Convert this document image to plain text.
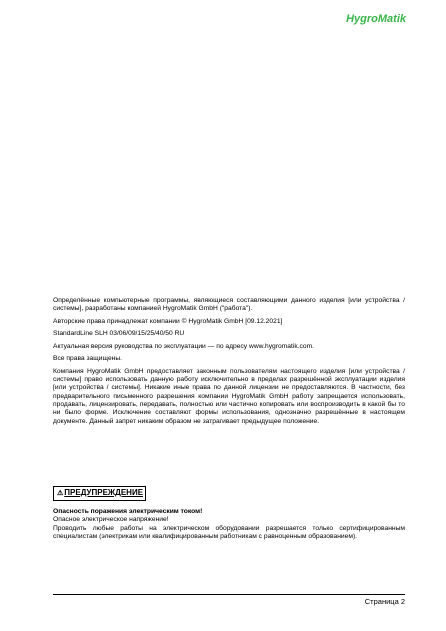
HygroMatik

Определённые компьютерные программы, являющиеся составляющими данного изделия [или устройства / системы], разработаны компанией HygroMatik GmbH ("работа").

Авторские права принадлежат компании © HygroMatik GmbH [09.12.2021]

StandardLine SLH 03/06/09/15/25/40/50 RU

Актуальная версия руководства по эксплуатации — по адресу www.hygromatik.com.

Все права защищены.

Компания HygroMatik GmbH предоставляет законным пользователям настоящего изделия [или устройства / системы] право использовать данную работу исключительно в пределах разрешённой эксплуатации изделия [или устройства / системы]. Никакие иные права по данной лицензии не предоставляются. В частности, без предварительного письменного разрешения компании HygroMatik GmbH работу запрещается использовать, продавать, лицензировать, передавать, полностью или частично копировать или воспроизводить в какой бы то ни было форме. Исключение составляют формы использования, однозначно разрешённые в настоящем документе. Данный запрет никаким образом не затрагивает предыдущее положение.

⚠ПРЕДУПРЕЖДЕНИЕ

Опасность поражения электрическим током!

Опасное электрическое напряжение!

Проводить любые работы на электрическом оборудовании разрешается только сертифицированным специалистам (электрикам или квалифицированным работникам с равноценным образованием).

Страница 2
